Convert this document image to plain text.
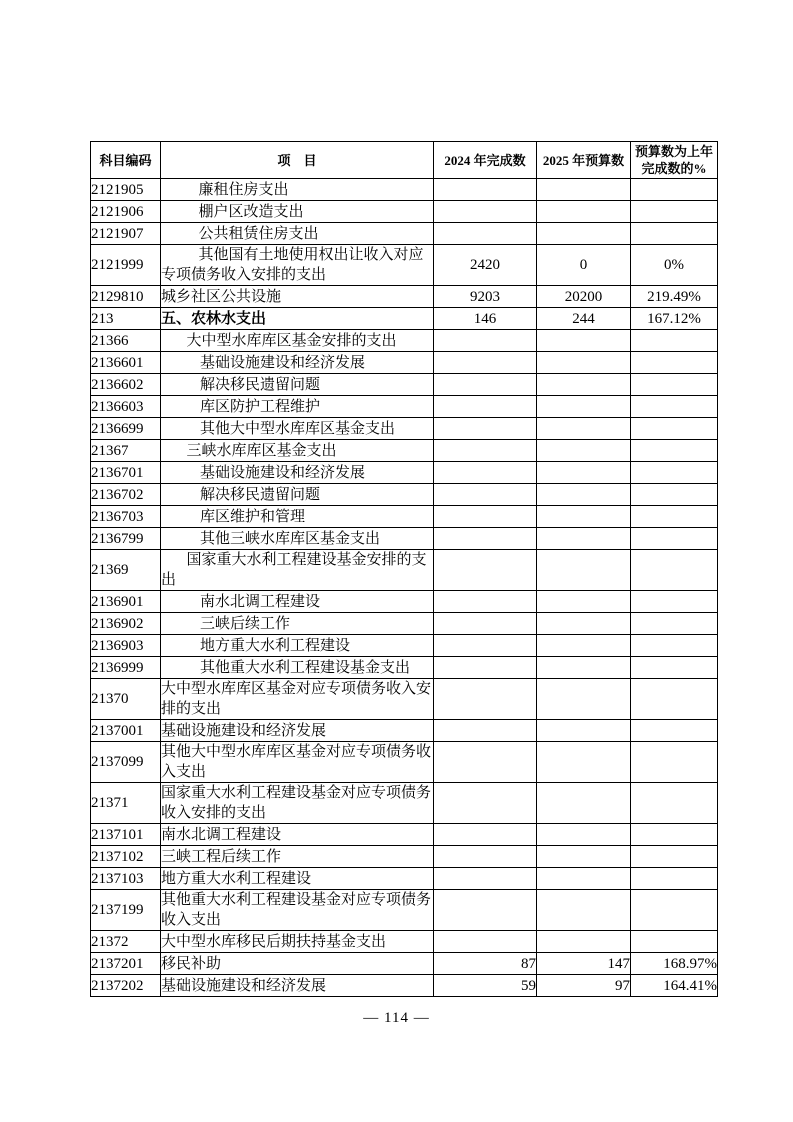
科目编码	项　目	2024 年完成数	2025 年预算数	预算数为上年完成数的%
2121905	廉租住房支出			
2121906	棚户区改造支出			
2121907	公共租赁住房支出			
2121999	其他国有土地使用权出让收入对应专项债务收入安排的支出	2420	0	0%
2129810	城乡社区公共设施	9203	20200	219.49%
213	五、农林水支出	146	244	167.12%
21366	大中型水库库区基金安排的支出			
2136601	基础设施建设和经济发展			
2136602	解决移民遗留问题			
2136603	库区防护工程维护			
2136699	其他大中型水库库区基金支出			
21367	三峡水库库区基金支出			
2136701	基础设施建设和经济发展			
2136702	解决移民遗留问题			
2136703	库区维护和管理			
2136799	其他三峡水库库区基金支出			
21369	国家重大水利工程建设基金安排的支出			
2136901	南水北调工程建设			
2136902	三峡后续工作			
2136903	地方重大水利工程建设			
2136999	其他重大水利工程建设基金支出			
21370	大中型水库库区基金对应专项债务收入安排的支出			
2137001	基础设施建设和经济发展			
2137099	其他大中型水库库区基金对应专项债务收入支出			
21371	国家重大水利工程建设基金对应专项债务收入安排的支出			
2137101	南水北调工程建设			
2137102	三峡工程后续工作			
2137103	地方重大水利工程建设			
2137199	其他重大水利工程建设基金对应专项债务收入支出			
21372	大中型水库移民后期扶持基金支出			
2137201	移民补助	87	147	168.97%
2137202	基础设施建设和经济发展	59	97	164.41%
— 114 —
